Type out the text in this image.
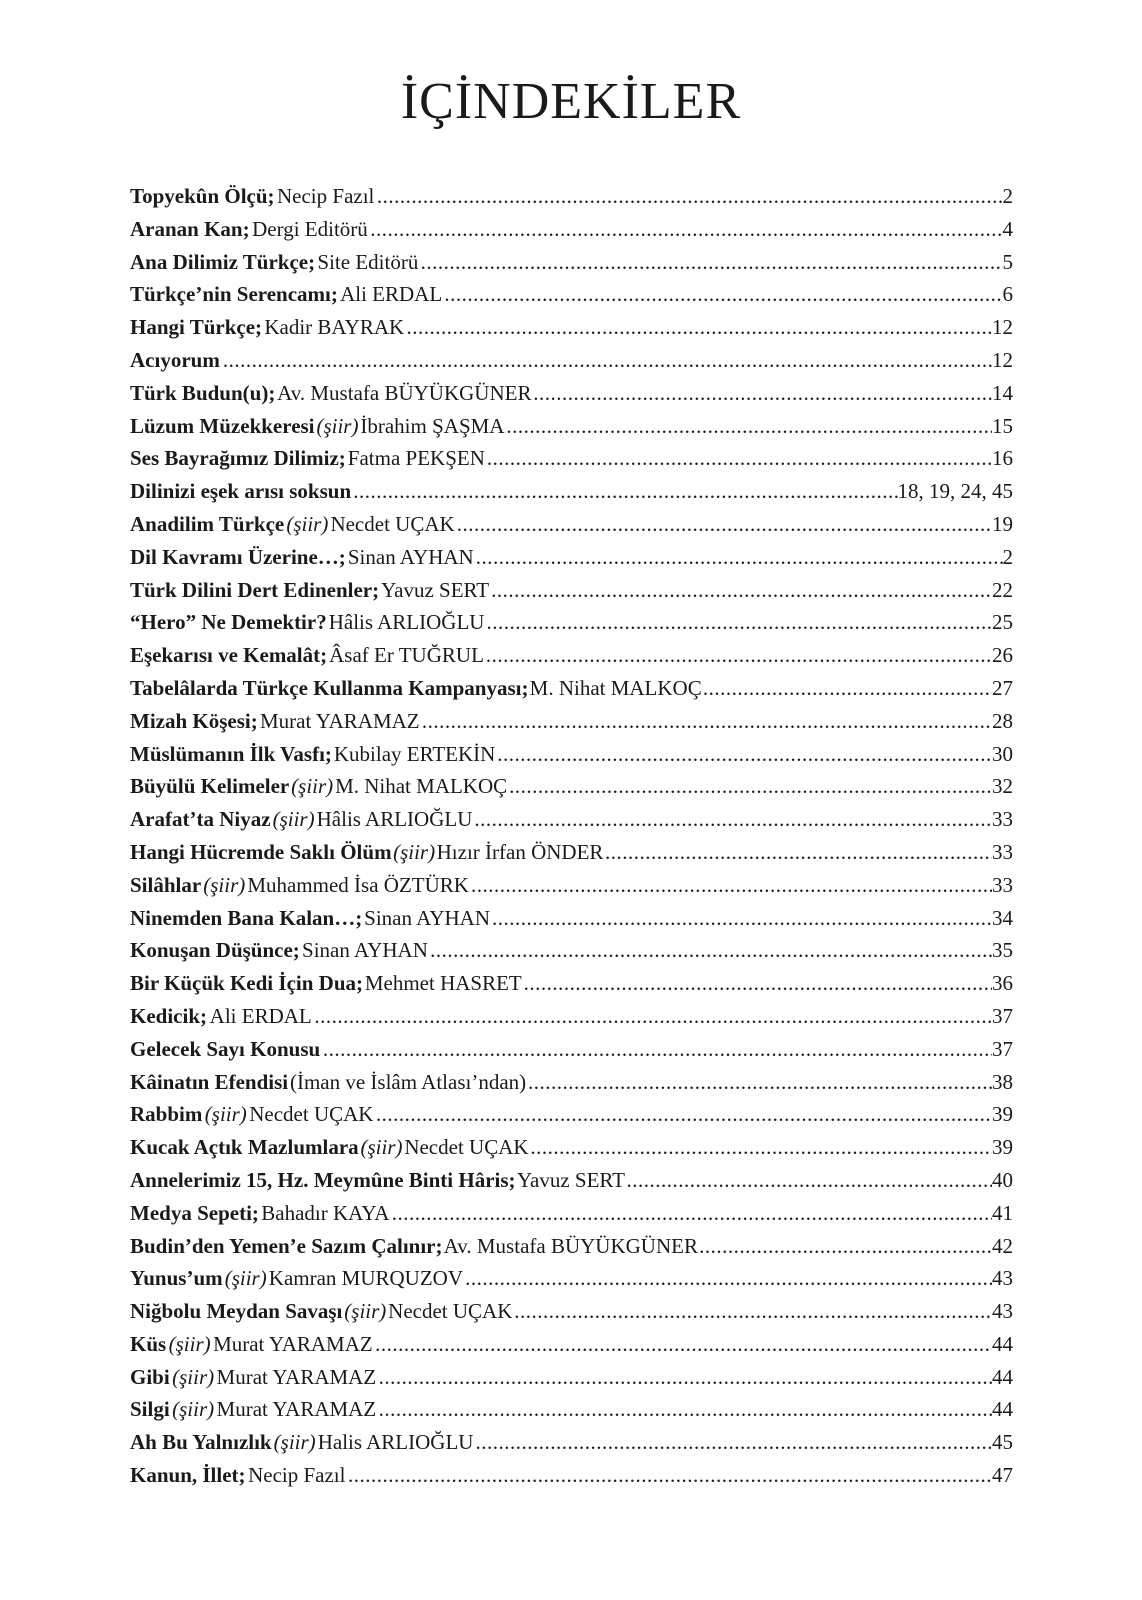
İÇİNDEKİLER
Topyekûn Ölçü; Necip Fazıl .....	2
Aranan Kan; Dergi Editörü .....	4
Ana Dilimiz Türkçe; Site Editörü .....	5
Türkçe’nin Serencamı; Ali ERDAL .....	6
Hangi Türkçe; Kadir BAYRAK .....	12
Acıyorum .....	12
Türk Budun(u); Av. Mustafa BÜYÜKGÜNER .....	14
Lüzum Müzekkeresi (şiir) İbrahim ŞAŞMA .....	15
Ses Bayrağımız Dilimiz; Fatma PEKŞEN .....	16
Dilinizi eşek arısı soksun .....	18, 19, 24, 45
Anadilim Türkçe (şiir) Necdet UÇAK .....	19
Dil Kavramı Üzerine…; Sinan AYHAN .....	2
Türk Dilini Dert Edinenler; Yavuz SERT .....	22
“Hero” Ne Demektir? Hâlis ARLIOĞLU .....	25
Eşekarısı ve Kemalât; Âsaf Er TUĞRUL .....	26
Tabelâlarda Türkçe Kullanma Kampanyası; M. Nihat MALKOÇ .....	27
Mizah Köşesi; Murat YARAMAZ .....	28
Müslümanın İlk Vasfı; Kubilay ERTEKİN .....	30
Büyülü Kelimeler (şiir) M. Nihat MALKOÇ .....	32
Arafat’ta Niyaz (şiir) Hâlis ARLIOĞLU .....	33
Hangi Hücremde Saklı Ölüm (şiir) Hızır İrfan ÖNDER .....	33
Silâhlar (şiir) Muhammed İsa ÖZTÜRK .....	33
Ninemden Bana Kalan…; Sinan AYHAN .....	34
Konuşan Düşünce; Sinan AYHAN .....	35
Bir Küçük Kedi İçin Dua; Mehmet HASRET .....	36
Kedicik; Ali ERDAL .....	37
Gelecek Sayı Konusu .....	37
Kâinatın Efendisi (İman ve İslâm Atlası’ndan) .....	38
Rabbim (şiir) Necdet UÇAK .....	39
Kucak Açtık Mazlumlara (şiir) Necdet UÇAK .....	39
Annelerimiz 15, Hz. Meymûne Binti Hâris; Yavuz SERT .....	40
Medya Sepeti; Bahadır KAYA .....	41
Budin’den Yemen’e Sazım Çalınır; Av. Mustafa BÜYÜKGÜNER .....	42
Yunus’um (şiir) Kamran MURQUZOV .....	43
Niğbolu Meydan Savaşı (şiir) Necdet UÇAK .....	43
Küs (şiir) Murat YARAMAZ .....	44
Gibi (şiir) Murat YARAMAZ .....	44
Silgi (şiir) Murat YARAMAZ .....	44
Ah Bu Yalnızlık (şiir) Halis ARLIOĞLU .....	45
Kanun, İllet; Necip Fazıl .....	47
